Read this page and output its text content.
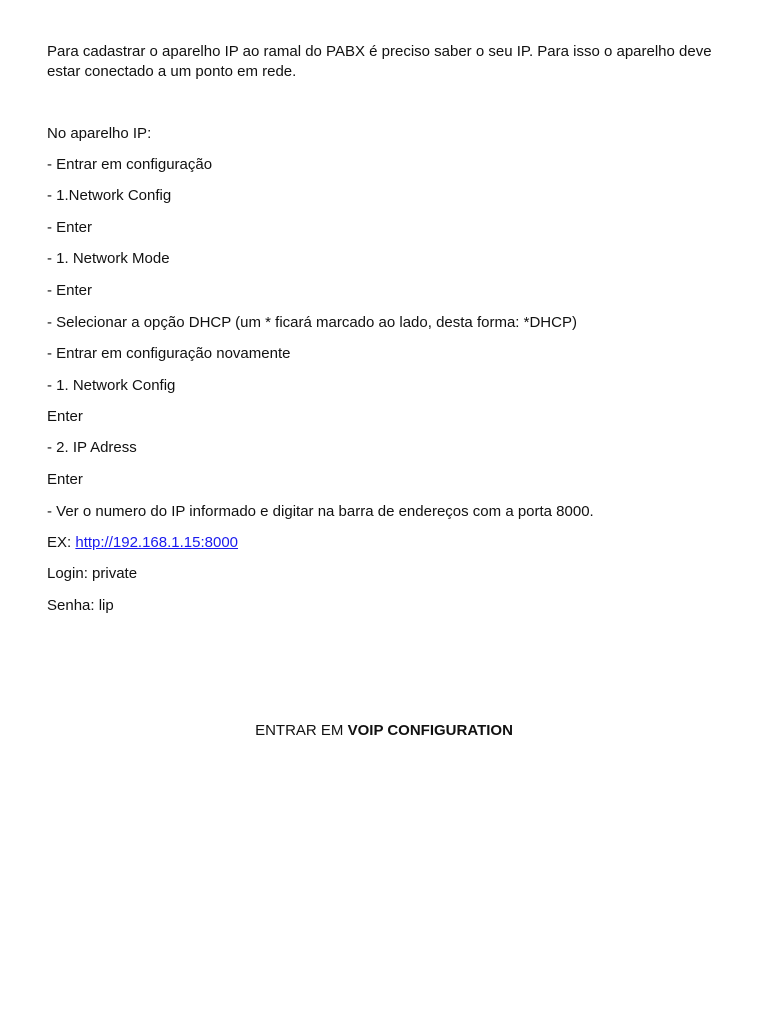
Para cadastrar o aparelho IP ao ramal do PABX é preciso saber o seu IP. Para isso o aparelho deve estar conectado a um ponto em rede.

No aparelho IP:

- Entrar em configuração

- 1.Network Config

- Enter

- 1. Network Mode

- Enter

- Selecionar a opção DHCP (um * ficará marcado ao lado, desta forma: *DHCP)

- Entrar em configuração novamente

- 1. Network Config

Enter

- 2. IP Adress

Enter

- Ver o numero do IP informado e digitar na barra de endereços com a porta 8000.

EX: http://192.168.1.15:8000

Login: private

Senha: lip

ENTRAR EM VOIP CONFIGURATION
